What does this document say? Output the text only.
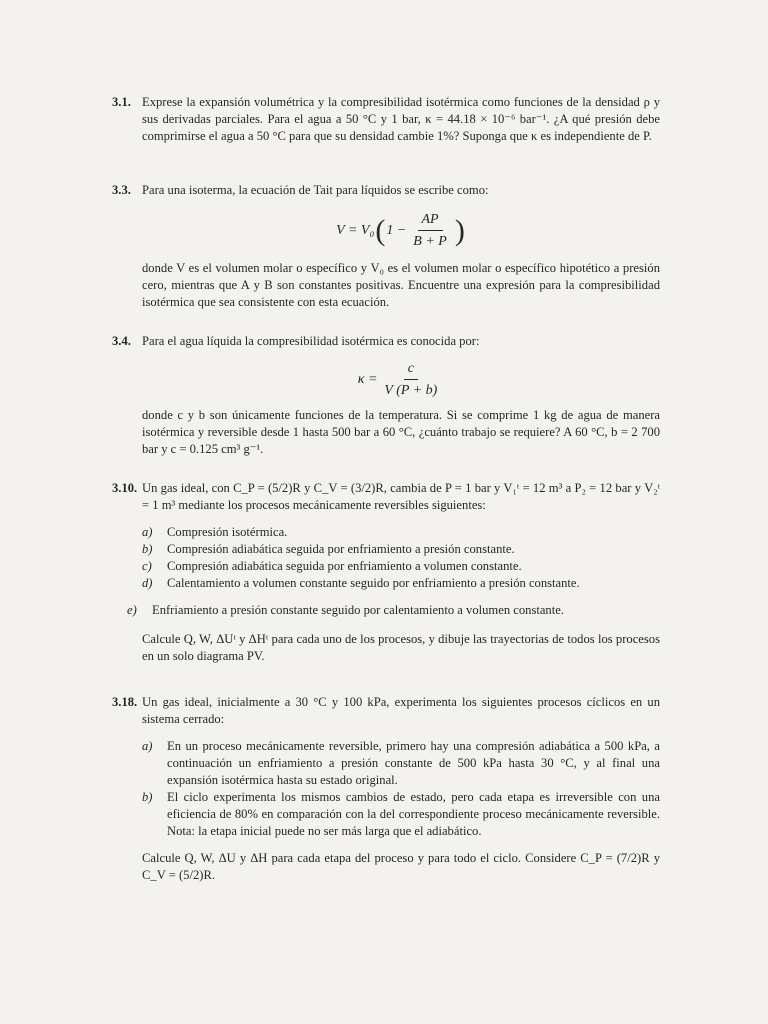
3.1. Exprese la expansión volumétrica y la compresibilidad isotérmica como funciones de la densidad ρ y sus derivadas parciales. Para el agua a 50 °C y 1 bar, κ = 44.18 × 10⁻⁶ bar⁻¹. ¿A qué presión debe comprimirse el agua a 50 °C para que su densidad cambie 1%? Suponga que κ es independiente de P.

3.3. Para una isoterma, la ecuación de Tait para líquidos se escribe como:

V = V₀ ( $1 - \frac{AP}{B + P}$ )

donde V es el volumen molar o específico y V₀ es el volumen molar o específico hipotético a presión cero, mientras que A y B son constantes positivas. Encuentre una expresión para la compresibilidad isotérmica que sea consistente con esta ecuación.

3.4. Para el agua líquida la compresibilidad isotérmica es conocida por:

$\kappa = \frac{c}{V (P + b)}$

donde c y b son únicamente funciones de la temperatura. Si se comprime 1 kg de agua de manera isotérmica y reversible desde 1 hasta 500 bar a 60 °C, ¿cuánto trabajo se requiere? A 60 °C, b = 2 700 bar y c = 0.125 cm³ g⁻¹.

3.10. Un gas ideal, con C_P = (5/2)R y C_V = (3/2)R, cambia de P = 1 bar y V₁ᵗ = 12 m³ a P₂ = 12 bar y V₂ᵗ = 1 m³ mediante los procesos mecánicamente reversibles siguientes:

a)	Compresión isotérmica.
b)	Compresión adiabática seguida por enfriamiento a presión constante.
c)	Compresión adiabática seguida por enfriamiento a volumen constante.
d)	Calentamiento a volumen constante seguido por enfriamiento a presión constante.
e)	Enfriamiento a presión constante seguido por calentamiento a volumen constante.

Calcule Q, W, ΔUᵗ y ΔHᵗ para cada uno de los procesos, y dibuje las trayectorias de todos los procesos en un solo diagrama PV.

3.18. Un gas ideal, inicialmente a 30 °C y 100 kPa, experimenta los siguientes procesos cíclicos en un sistema cerrado:

a)	En un proceso mecánicamente reversible, primero hay una compresión adiabática a 500 kPa, a continuación un enfriamiento a presión constante de 500 kPa hasta 30 °C, y al final una expansión isotérmica hasta su estado original.
b)	El ciclo experimenta los mismos cambios de estado, pero cada etapa es irreversible con una eficiencia de 80% en comparación con la del correspondiente proceso mecánicamente reversible. Nota: la etapa inicial puede no ser más larga que el adiabático.

Calcule Q, W, ΔU y ΔH para cada etapa del proceso y para todo el ciclo. Considere C_P = (7/2)R y C_V = (5/2)R.
